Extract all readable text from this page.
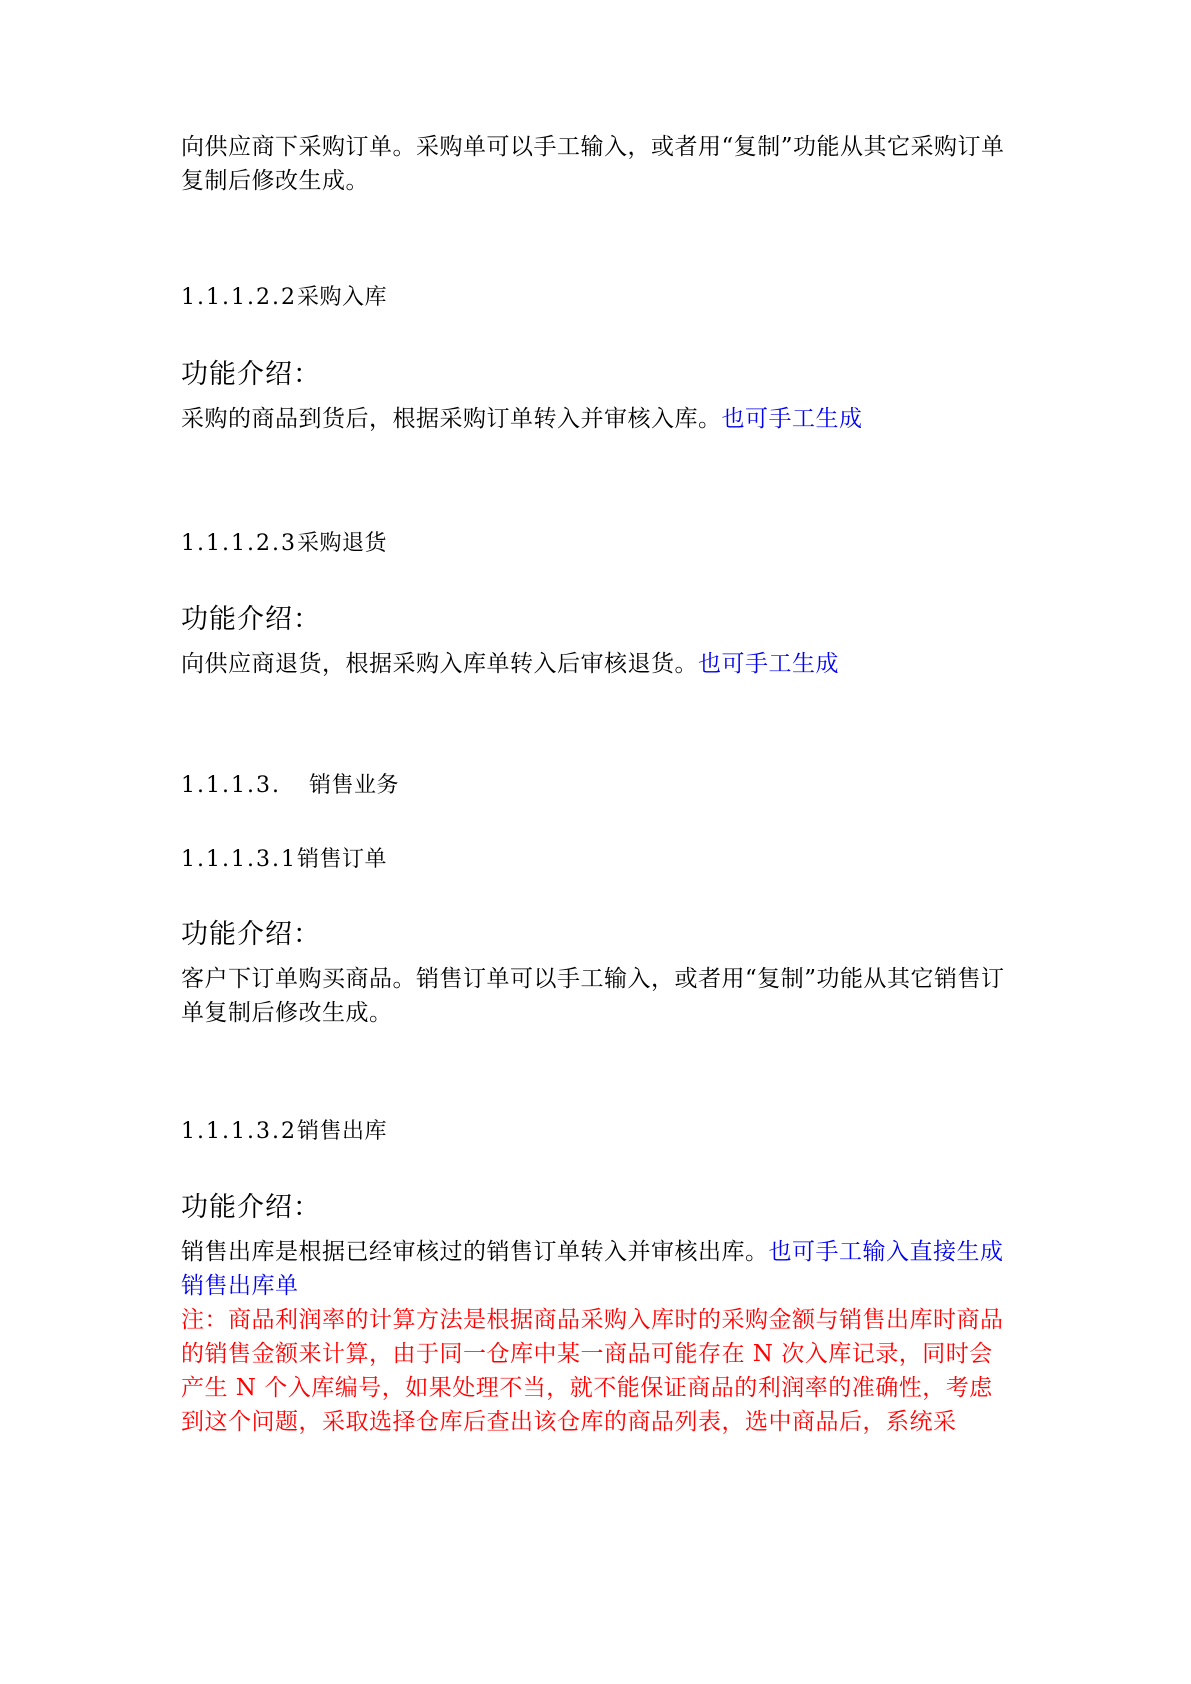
向供应商下采购订单。采购单可以手工输入，或者用“复制”功能从其它采购订单复制后修改生成。

1.1.1.2.2采购入库
功能介绍：

采购的商品到货后，根据采购订单转入并审核入库。也可手工生成

1.1.1.2.3采购退货
功能介绍：

向供应商退货，根据采购入库单转入后审核退货。也可手工生成

1.1.1.3. 销售业务
1.1.1.3.1销售订单
功能介绍：

客户下订单购买商品。销售订单可以手工输入，或者用“复制”功能从其它销售订单复制后修改生成。

1.1.1.3.2销售出库
功能介绍：

销售出库是根据已经审核过的销售订单转入并审核出库。也可手工输入直接生成销售出库单

注：商品利润率的计算方法是根据商品采购入库时的采购金额与销售出库时商品的销售金额来计算，由于同一仓库中某一商品可能存在 N 次入库记录，同时会产生 N 个入库编号，如果处理不当，就不能保证商品的利润率的准确性，考虑到这个问题，采取选择仓库后查出该仓库的商品列表，选中商品后，系统采
